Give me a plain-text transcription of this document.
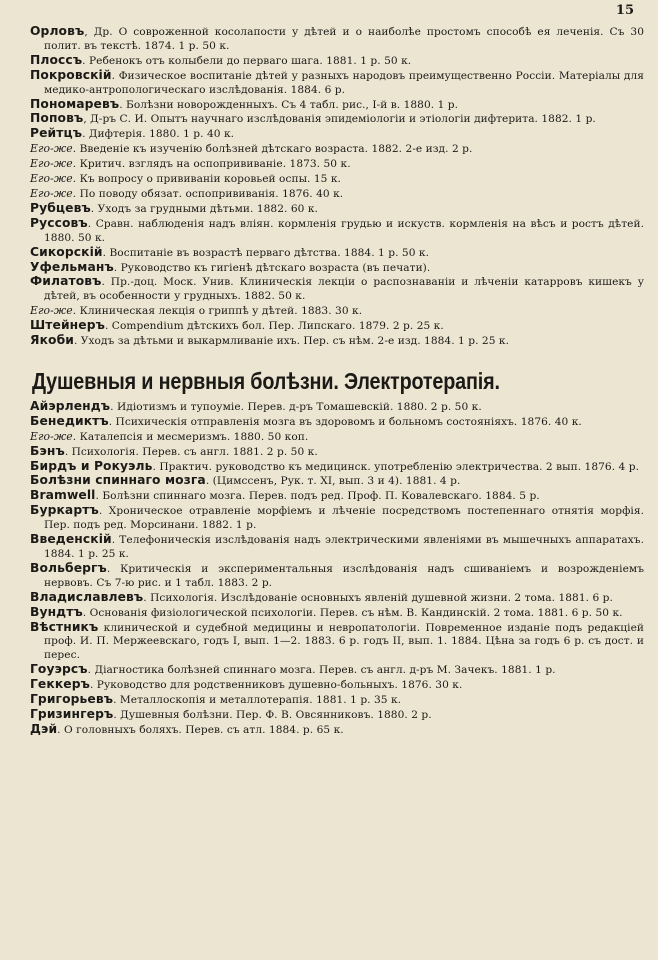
15
Орловъ, Др. О совроженной косолапости у дѣтей и о наиболѣе простомъ способѣ ея леченія. Съ 30 полит. въ текстѣ. 1874. 1 р. 50 к.
Плоссъ. Ребенокъ отъ колыбели до перваго шага. 1881. 1 р. 50 к.
Покровскій. Физическое воспитаніе дѣтей у разныхъ народовъ преимущественно Россіи. Матеріалы для медико-антропологическаго изслѣдованія. 1884. 6 р.
Пономаревъ. Болѣзни новорожденныхъ. Съ 4 табл. рис., I-й в. 1880. 1 р.
Поповъ, Д-ръ С. И. Опытъ научнаго изслѣдованія эпидеміологіи и этіологіи дифтерита. 1882. 1 р.
Рейтцъ. Дифтерія. 1880. 1 р. 40 к.
Его-же. Введеніе къ изученію болѣзней дѣтскаго возраста. 1882. 2-е изд. 2 р.
Его-же. Критич. взглядъ на оспопрививаніе. 1873. 50 к.
Его-же. Къ вопросу о прививаніи коровьей оспы. 15 к.
Его-же. По поводу обязат. оспопрививанія. 1876. 40 к.
Рубцевъ. Уходъ за грудными дѣтьми. 1882. 60 к.
Руссовъ. Сравн. наблюденія надъ вліян. кормленія грудью и искуств. кормленія на вѣсъ и ростъ дѣтей. 1880. 50 к.
Сикорскій. Воспитаніе въ возрастѣ перваго дѣтства. 1884. 1 р. 50 к.
Уфельманъ. Руководство къ гигіенѣ дѣтскаго возраста (въ печати).
Филатовъ. Пр.-доц. Моск. Унив. Клиническія лекціи о распознаваніи и лѣченіи катарровъ кишекъ у дѣтей, въ особенности у грудныхъ. 1882. 50 к.
Его-же. Клиническая лекція о гриппѣ у дѣтей. 1883. 30 к.
Штейнеръ. Compendium дѣтскихъ бол. Пер. Липскаго. 1879. 2 р. 25 к.
Якоби. Уходъ за дѣтьми и выкармливаніе ихъ. Пер. съ нѣм. 2-е изд. 1884. 1 р. 25 к.
Душевныя и нервныя болѣзни. Электротерапія.
Айэрлендъ. Идіотизмъ и тупоуміе. Перев. д-ръ Томашевскій. 1880. 2 р. 50 к.
Бенедиктъ. Психическія отправленія мозга въ здоровомъ и больномъ состояніяхъ. 1876. 40 к.
Его-же. Каталепсія и месмеризмъ. 1880. 50 коп.
Бэнъ. Психологія. Перев. съ англ. 1881. 2 р. 50 к.
Бирдъ и Рокуэль. Практич. руководство къ медицинск. употребленію электричества. 2 вып. 1876. 4 р.
Болѣзни спиннаго мозга. (Цимссенъ, Рук. т. XI, вып. 3 и 4). 1881. 4 р.
Bramwell. Болѣзни спиннаго мозга. Перев. подъ ред. Проф. П. Ковалевскаго. 1884. 5 р.
Буркартъ. Хроническое отравленіе морфіемъ и лѣченіе посредствомъ постепеннаго отнятія морфія. Пер. подъ ред. Морсинани. 1882. 1 р.
Введенскій. Телефоническія изслѣдованія надъ электрическими явленіями въ мышечныхъ аппаратахъ. 1884. 1 р. 25 к.
Вольбергъ. Критическія и экспериментальныя изслѣдованія надъ сшиваніемъ и возрожденіемъ нервовъ. Съ 7-ю рис. и 1 табл. 1883. 2 р.
Владиславлевъ. Психологія. Изслѣдованіе основныхъ явленій душевной жизни. 2 тома. 1881. 6 р.
Вундтъ. Основанія физіологической психологіи. Перев. съ нѣм. В. Кандинскій. 2 тома. 1881. 6 р. 50 к.
Вѣстникъ клинической и судебной медицины и невропатологіи. Повременное изданіе подъ редакціей проф. И. П. Мержеевскаго, годъ I, вып. 1—2. 1883. 6 р. годъ II, вып. 1. 1884. Цѣна за годъ 6 р. съ дост. и перес.
Гоуэрсъ. Діагностика болѣзней спиннаго мозга. Перев. съ англ. д-ръ М. Зачекъ. 1881. 1 р.
Геккеръ. Руководство для родственниковъ душевно-больныхъ. 1876. 30 к.
Григорьевъ. Металлоскопія и металлотерапія. 1881. 1 р. 35 к.
Гризингеръ. Душевныя болѣзни. Пер. Ф. В. Овсянниковъ. 1880. 2 р.
Дэй. О головныхъ боляхъ. Перев. съ атл. 1884. р. 65 к.
